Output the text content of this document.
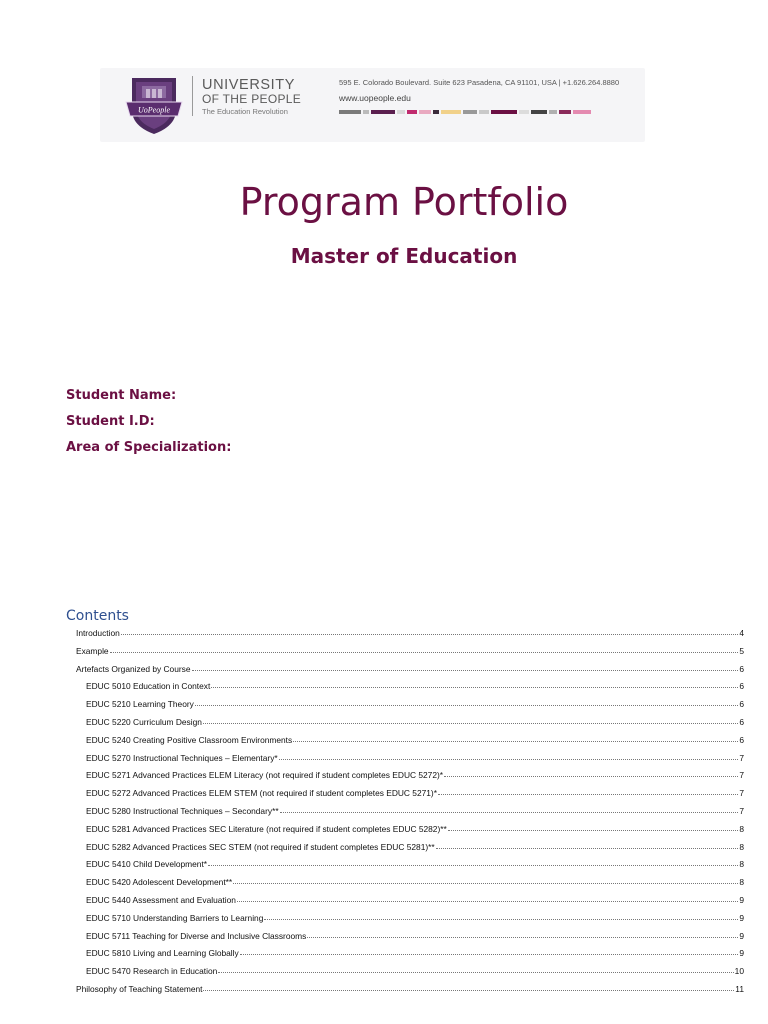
UoPeople
UNIVERSITY
OF THE PEOPLE
The Education Revolution
595 E. Colorado Boulevard. Suite 623 Pasadena, CA 91101, USA | +1.626.264.8880
www.uopeople.edu
Program Portfolio
Master of Education
Student Name:
Student I.D:
Area of Specialization:
Contents
Introduction	4
Example	5
Artefacts Organized by Course	6
EDUC 5010 Education in Context	6
EDUC 5210 Learning Theory	6
EDUC 5220 Curriculum Design	6
EDUC 5240 Creating Positive Classroom Environments	6
EDUC 5270 Instructional Techniques – Elementary*	7
EDUC 5271 Advanced Practices ELEM Literacy (not required if student completes EDUC 5272)*	7
EDUC 5272 Advanced Practices ELEM STEM (not required if student completes EDUC 5271)*	7
EDUC 5280 Instructional Techniques – Secondary**	7
EDUC 5281 Advanced Practices SEC Literature (not required if student completes EDUC 5282)**	8
EDUC 5282 Advanced Practices SEC STEM (not required if student completes EDUC 5281)**	8
EDUC 5410 Child Development*	8
EDUC 5420 Adolescent Development**	8
EDUC 5440 Assessment and Evaluation	9
EDUC 5710 Understanding Barriers to Learning	9
EDUC 5711 Teaching for Diverse and Inclusive Classrooms	9
EDUC 5810 Living and Learning Globally	9
EDUC 5470 Research in Education	10
Philosophy of Teaching Statement	11
